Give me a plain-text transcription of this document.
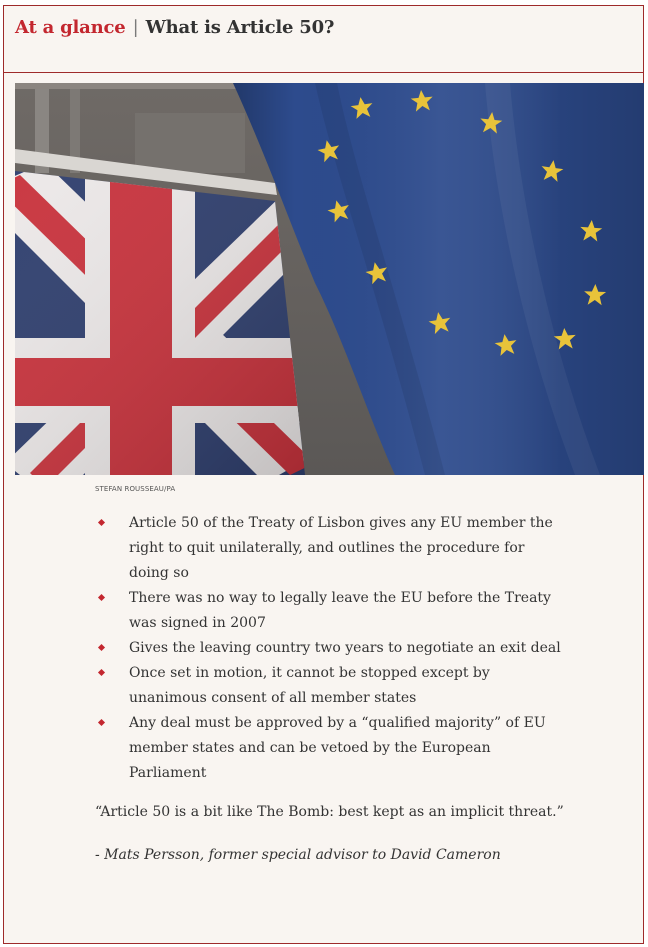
At a glance | What is Article 50?
STEFAN ROUSSEAU/PA
Article 50 of the Treaty of Lisbon gives any EU member the right to quit unilaterally, and outlines the procedure for doing so
There was no way to legally leave the EU before the Treaty was signed in 2007
Gives the leaving country two years to negotiate an exit deal
Once set in motion, it cannot be stopped except by unanimous consent of all member states
Any deal must be approved by a “qualified majority” of EU member states and can be vetoed by the European Parliament

“Article 50 is a bit like The Bomb: best kept as an implicit threat.”

- Mats Persson, former special advisor to David Cameron
